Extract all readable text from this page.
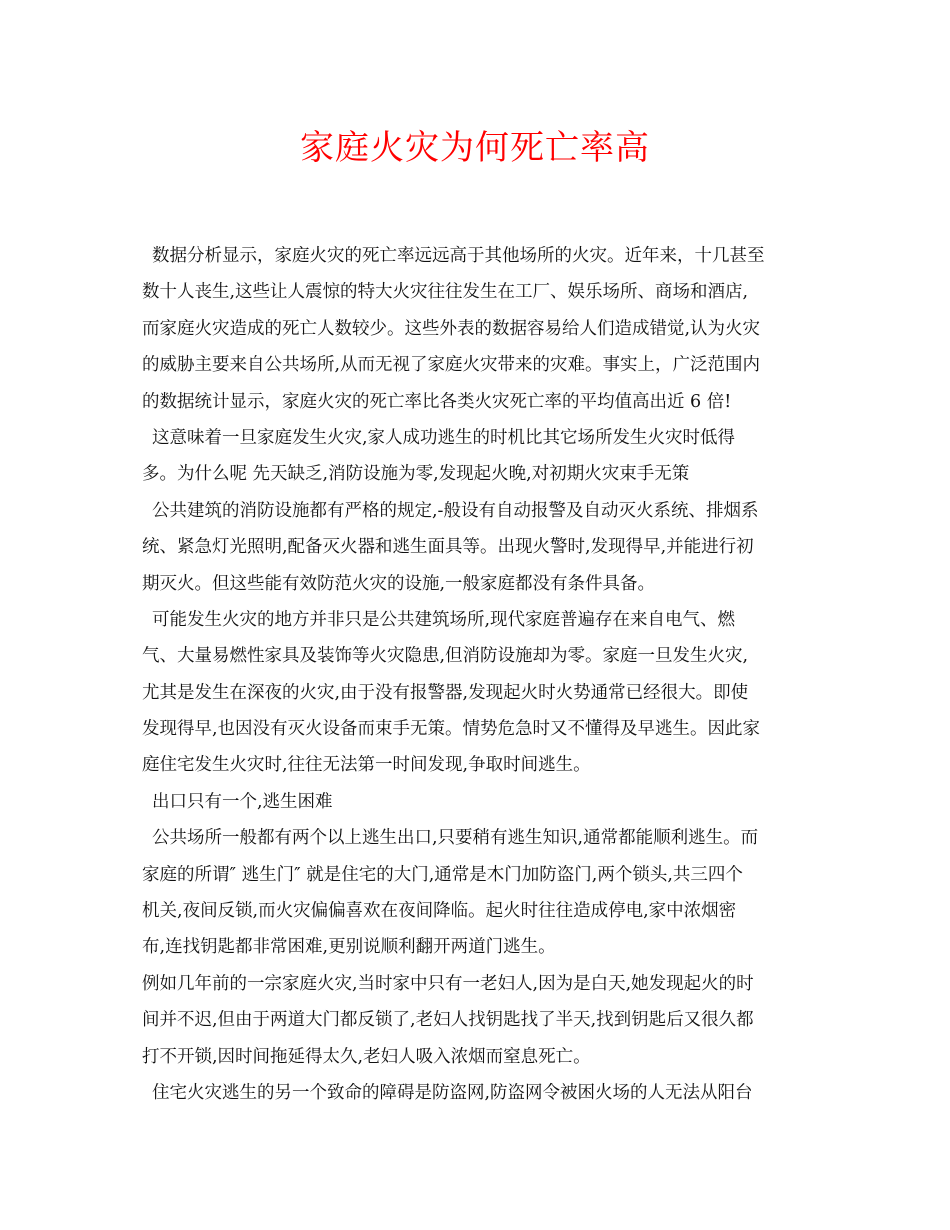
家庭火灾为何死亡率高
数据分析显示，家庭火灾的死亡率远远高于其他场所的火灾。近年来，十几甚至
数十人丧生,这些让人震惊的特大火灾往往发生在工厂、娱乐场所、商场和酒店,
而家庭火灾造成的死亡人数较少。这些外表的数据容易给人们造成错觉,认为火灾
的威胁主要来自公共场所,从而无视了家庭火灾带来的灾难。事实上，广泛范围内
的数据统计显示，家庭火灾的死亡率比各类火灾死亡率的平均值高出近 6 倍!
这意味着一旦家庭发生火灾,家人成功逃生的时机比其它场所发生火灾时低得
多。为什么呢 先天缺乏,消防设施为零,发现起火晚,对初期火灾束手无策
公共建筑的消防设施都有严格的规定,-般设有自动报警及自动灭火系统、排烟系
统、紧急灯光照明,配备灭火器和逃生面具等。出现火警时,发现得早,并能进行初
期灭火。但这些能有效防范火灾的设施,一般家庭都没有条件具备。
可能发生火灾的地方并非只是公共建筑场所,现代家庭普遍存在来自电气、燃
气、大量易燃性家具及装饰等火灾隐患,但消防设施却为零。家庭一旦发生火灾,
尤其是发生在深夜的火灾,由于没有报警器,发现起火时火势通常已经很大。即使
发现得早,也因没有灭火设备而束手无策。情势危急时又不懂得及早逃生。因此家
庭住宅发生火灾时,往往无法第一时间发现,争取时间逃生。
出口只有一个,逃生困难
公共场所一般都有两个以上逃生出口,只要稍有逃生知识,通常都能顺利逃生。而
家庭的所谓″ 逃生门″ 就是住宅的大门,通常是木门加防盗门,两个锁头,共三四个
机关,夜间反锁,而火灾偏偏喜欢在夜间降临。起火时往往造成停电,家中浓烟密
布,连找钥匙都非常困难,更别说顺利翻开两道门逃生。
例如几年前的一宗家庭火灾,当时家中只有一老妇人,因为是白天,她发现起火的时
间并不迟,但由于两道大门都反锁了,老妇人找钥匙找了半天,找到钥匙后又很久都
打不开锁,因时间拖延得太久,老妇人吸入浓烟而窒息死亡。
住宅火灾逃生的另一个致命的障碍是防盗网,防盗网令被困火场的人无法从阳台
